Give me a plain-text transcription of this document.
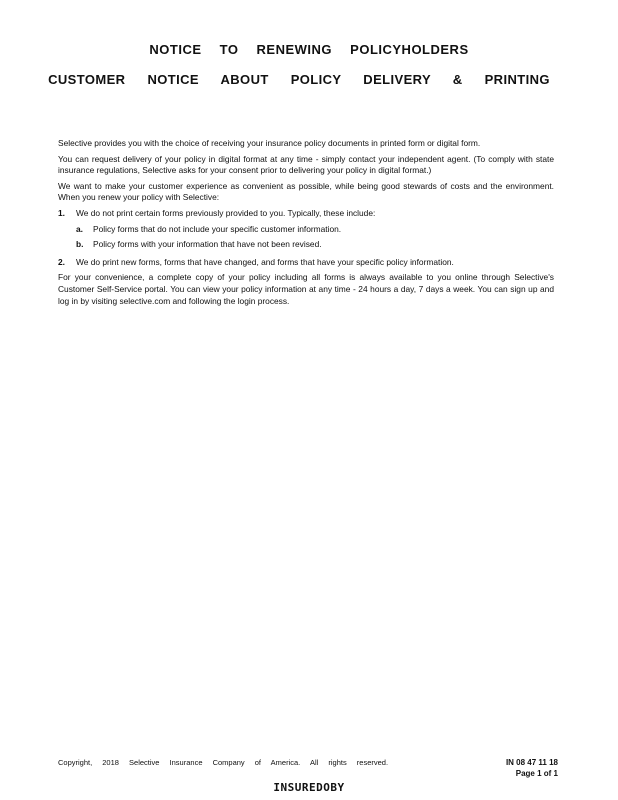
NOTICE TO RENEWING POLICYHOLDERS
CUSTOMER NOTICE ABOUT POLICY DELIVERY & PRINTING

Selective provides you with the choice of receiving your insurance policy documents in printed form or digital form.

You can request delivery of your policy in digital format at any time - simply contact your independent agent. (To comply with state insurance regulations, Selective asks for your consent prior to delivering your policy in digital format.)

We want to make your customer experience as convenient as possible, while being good stewards of costs and the environment. When you renew your policy with Selective:

1.	We do not print certain forms previously provided to you. Typically, these include:
a.	Policy forms that do not include your specific customer information.
b.	Policy forms with your information that have not been revised.
2.	We do print new forms, forms that have changed, and forms that have your specific policy information.

For your convenience, a complete copy of your policy including all forms is always available to you online through Selective's Customer Self-Service portal. You can view your policy information at any time - 24 hours a day, 7 days a week. You can sign up and log in by visiting selective.com and following the login process.

Copyright, 2018 Selective Insurance Company of America. All rights reserved.	IN 08 47 11 18
Page 1 of 1
INSUREDOBY
